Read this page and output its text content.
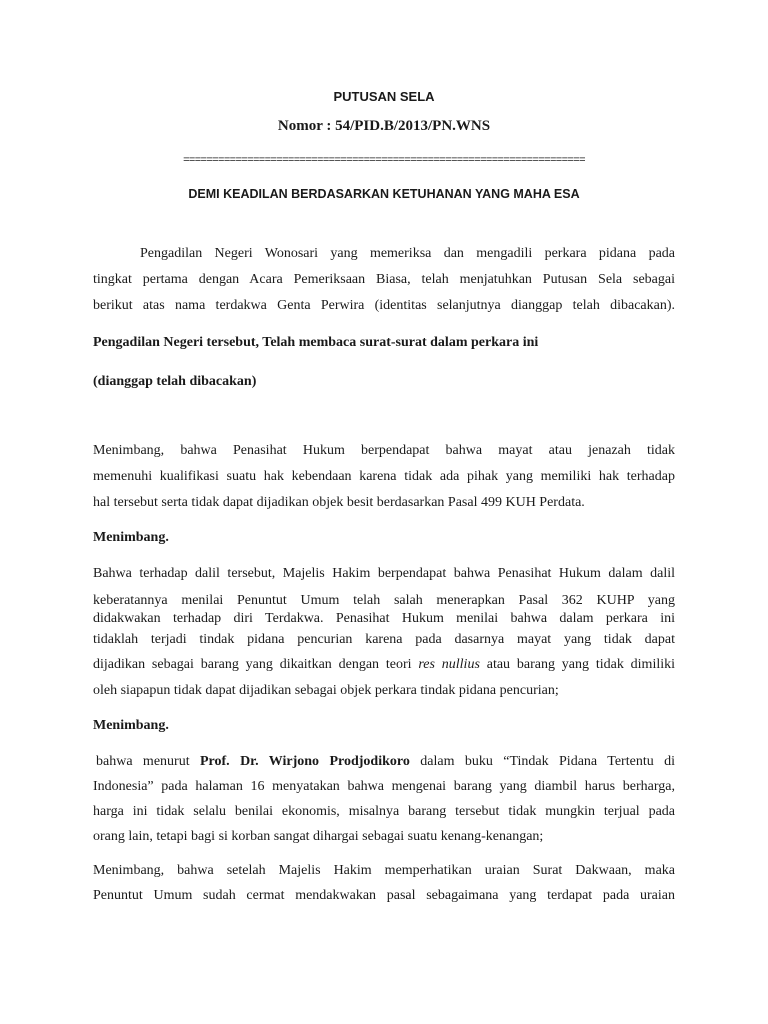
PUTUSAN SELA
Nomor : 54/PID.B/2013/PN.WNS
=====================================================================
DEMI KEADILAN BERDASARKAN KETUHANAN YANG MAHA ESA
Pengadilan Negeri Wonosari yang memeriksa dan mengadili perkara pidana pada
tingkat pertama dengan Acara Pemeriksaan Biasa, telah menjatuhkan Putusan Sela sebagai
berikut atas nama terdakwa Genta Perwira (identitas selanjutnya dianggap telah dibacakan).
Pengadilan Negeri tersebut, Telah membaca surat-surat dalam perkara ini
(dianggap telah dibacakan)
Menimbang, bahwa Penasihat Hukum berpendapat bahwa mayat atau jenazah tidak
memenuhi kualifikasi suatu hak kebendaan karena tidak ada pihak yang memiliki hak terhadap
hal tersebut serta tidak dapat dijadikan objek besit berdasarkan Pasal 499 KUH Perdata.
Menimbang.
Bahwa terhadap dalil tersebut, Majelis Hakim berpendapat bahwa Penasihat Hukum dalam dalil
keberatannya menilai Penuntut Umum telah salah menerapkan Pasal 362 KUHP yang
didakwakan terhadap diri Terdakwa. Penasihat Hukum menilai bahwa dalam perkara ini
tidaklah terjadi tindak pidana pencurian karena pada dasarnya mayat yang tidak dapat
dijadikan sebagai barang yang dikaitkan dengan teori res nullius atau barang yang tidak dimiliki
oleh siapapun tidak dapat dijadikan sebagai objek perkara tindak pidana pencurian;
Menimbang.
bahwa menurut Prof. Dr. Wirjono Prodjodikoro dalam buku “Tindak Pidana Tertentu di
Indonesia” pada halaman 16 menyatakan bahwa mengenai barang yang diambil harus berharga,
harga ini tidak selalu benilai ekonomis, misalnya barang tersebut tidak mungkin terjual pada
orang lain, tetapi bagi si korban sangat dihargai sebagai suatu kenang-kenangan;
Menimbang, bahwa setelah Majelis Hakim memperhatikan uraian Surat Dakwaan, maka
Penuntut Umum sudah cermat mendakwakan pasal sebagaimana yang terdapat pada uraian
